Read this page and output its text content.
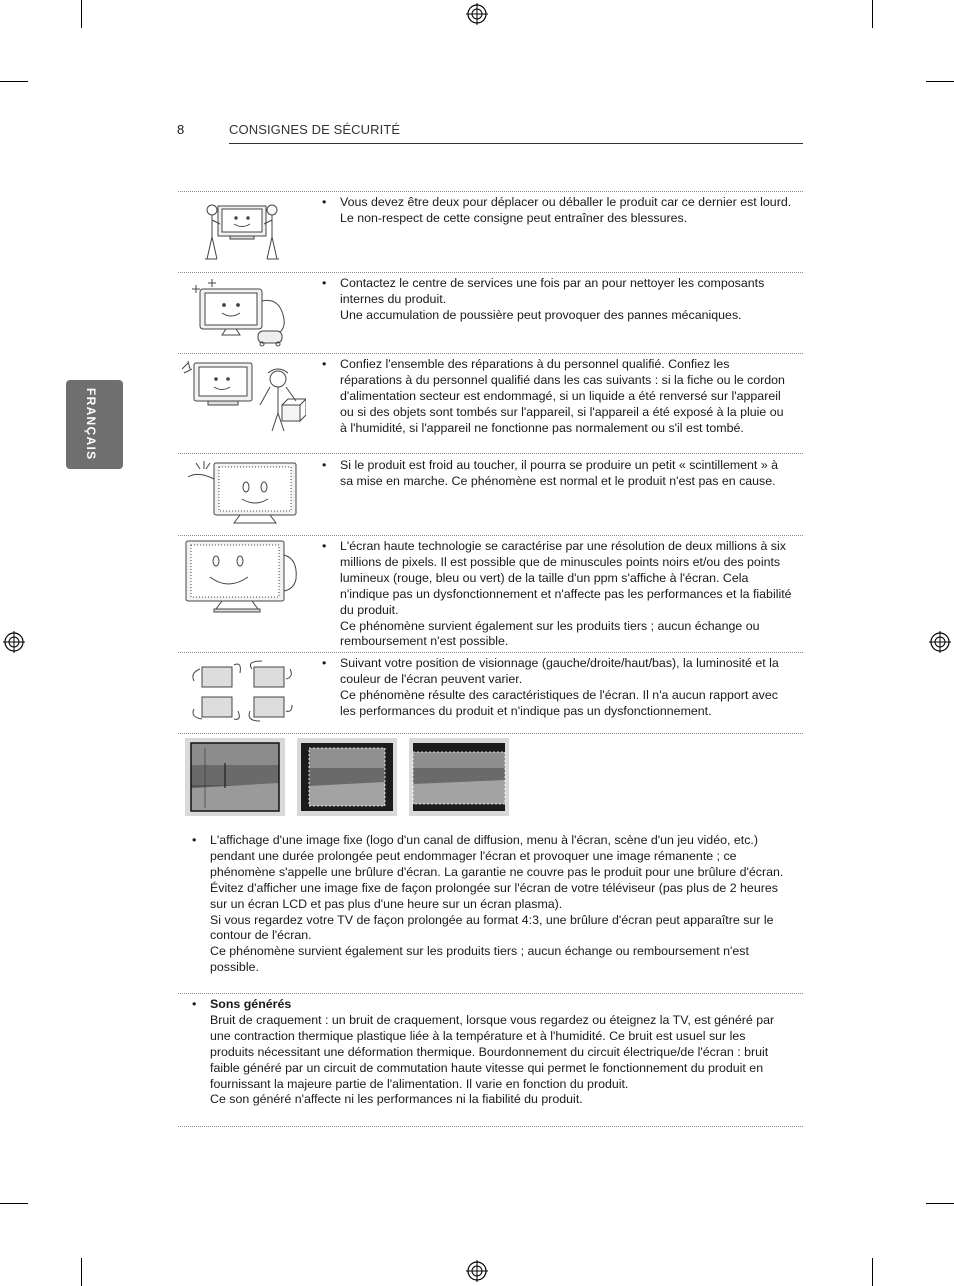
8	CONSIGNES DE SÉCURITÉ
FRANÇAIS

• Vous devez être deux pour déplacer ou déballer le produit car ce dernier est lourd.

Le non-respect de cette consigne peut entraîner des blessures.

• Contactez le centre de services une fois par an pour nettoyer les composants internes du produit.

Une accumulation de poussière peut provoquer des pannes mécaniques.

• Confiez l'ensemble des réparations à du personnel qualifié. Confiez les réparations à du personnel qualifié dans les cas suivants : si la fiche ou le cordon d'alimentation secteur est endommagé, si un liquide a été renversé sur l'appareil ou si des objets sont tombés sur l'appareil, si l'appareil a été exposé à la pluie ou à l'humidité, si l'appareil ne fonctionne pas normalement ou s'il est tombé.

• Si le produit est froid au toucher, il pourra se produire un petit « scintillement » à sa mise en marche. Ce phénomène est normal et le produit n'est pas en cause.

• L'écran haute technologie se caractérise par une résolution de deux millions à six millions de pixels. Il est possible que de minuscules points noirs et/ou des points lumineux (rouge, bleu ou vert) de la taille d'un ppm s'affiche à l'écran. Cela n'indique pas un dysfonctionnement et n'affecte pas les performances et la fiabilité du produit.

Ce phénomène survient également sur les produits tiers ; aucun échange ou remboursement n'est possible.

• Suivant votre position de visionnage (gauche/droite/haut/bas), la luminosité et la couleur de l'écran peuvent varier.

Ce phénomène résulte des caractéristiques de l'écran. Il n'a aucun rapport avec les performances du produit et n'indique pas un dysfonctionnement.

• L'affichage d'une image fixe (logo d'un canal de diffusion, menu à l'écran, scène d'un jeu vidéo, etc.) pendant une durée prolongée peut endommager l'écran et provoquer une image rémanente ; ce phénomène s'appelle une brûlure d'écran. La garantie ne couvre pas le produit pour une brûlure d'écran.

Évitez d'afficher une image fixe de façon prolongée sur l'écran de votre téléviseur (pas plus de 2 heures sur un écran LCD et pas plus d'une heure sur un écran plasma).

Si vous regardez votre TV de façon prolongée au format 4:3, une brûlure d'écran peut apparaître sur le contour de l'écran.

Ce phénomène survient également sur les produits tiers ; aucun échange ou remboursement n'est possible.

• Sons générés

Bruit de craquement : un bruit de craquement, lorsque vous regardez ou éteignez la TV, est généré par une contraction thermique plastique liée à la température et à l'humidité. Ce bruit est usuel sur les produits nécessitant une déformation thermique. Bourdonnement du circuit électrique/de l'écran : bruit faible généré par un circuit de commutation haute vitesse qui permet le fonctionnement du produit en fournissant la majeure partie de l'alimentation. Il varie en fonction du produit.

Ce son généré n'affecte ni les performances ni la fiabilité du produit.
